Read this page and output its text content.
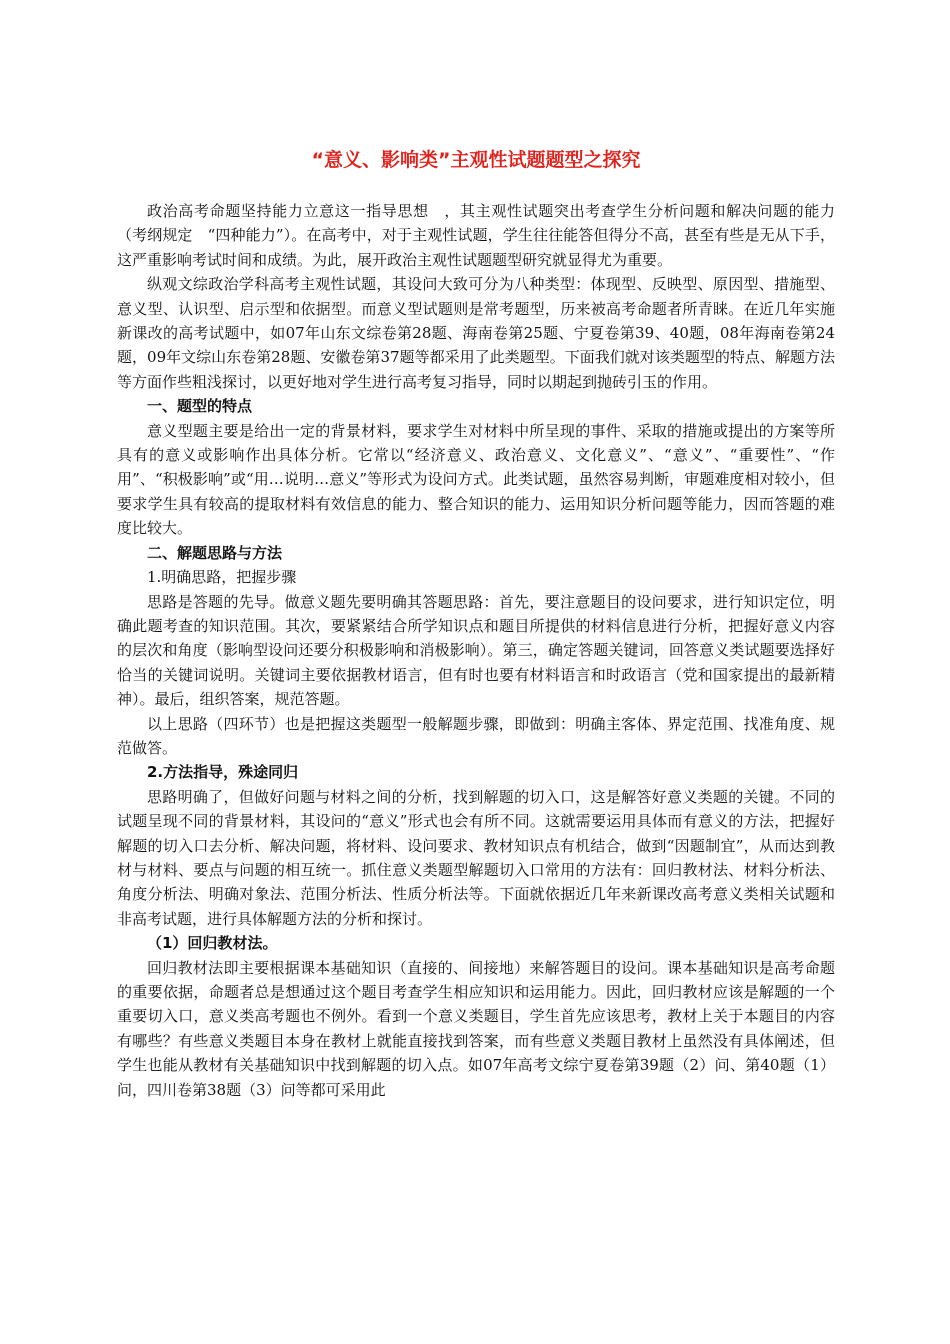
“意义、影响类”主观性试题题型之探究

政治高考命题坚持能力立意这一指导思想　，其主观性试题突出考查学生分析问题和解决问题的能力（考纲规定　“四种能力”）。在高考中，对于主观性试题，学生往往能答但得分不高，甚至有些是无从下手，这严重影响考试时间和成绩。为此，展开政治主观性试题题型研究就显得尤为重要。

纵观文综政治学科高考主观性试题，其设问大致可分为八种类型：体现型、反映型、原因型、措施型、意义型、认识型、启示型和依据型。而意义型试题则是常考题型，历来被高考命题者所青睐。在近几年实施新课改的高考试题中，如07年山东文综卷第28题、海南卷第25题、宁夏卷第39、40题，08年海南卷第24题，09年文综山东卷第28题、安徽卷第37题等都采用了此类题型。下面我们就对该类题型的特点、解题方法等方面作些粗浅探讨，以更好地对学生进行高考复习指导，同时以期起到抛砖引玉的作用。

一、题型的特点

意义型题主要是给出一定的背景材料，要求学生对材料中所呈现的事件、采取的措施或提出的方案等所具有的意义或影响作出具体分析。它常以“经济意义、政治意义、文化意义”、“意义”、“重要性”、“作用”、“积极影响”或“用…说明…意义”等形式为设问方式。此类试题，虽然容易判断，审题难度相对较小，但要求学生具有较高的提取材料有效信息的能力、整合知识的能力、运用知识分析问题等能力，因而答题的难度比较大。

二、解题思路与方法

1.明确思路，把握步骤

思路是答题的先导。做意义题先要明确其答题思路：首先，要注意题目的设问要求，进行知识定位，明确此题考查的知识范围。其次，要紧紧结合所学知识点和题目所提供的材料信息进行分析，把握好意义内容的层次和角度（影响型设问还要分积极影响和消极影响）。第三，确定答题关键词，回答意义类试题要选择好恰当的关键词说明。关键词主要依据教材语言，但有时也要有材料语言和时政语言（党和国家提出的最新精神）。最后，组织答案，规范答题。

以上思路（四环节）也是把握这类题型一般解题步骤，即做到：明确主客体、界定范围、找准角度、规范做答。

2.方法指导，殊途同归

思路明确了，但做好问题与材料之间的分析，找到解题的切入口，这是解答好意义类题的关键。不同的试题呈现不同的背景材料，其设问的“意义”形式也会有所不同。这就需要运用具体而有意义的方法，把握好解题的切入口去分析、解决问题，将材料、设问要求、教材知识点有机结合，做到“因题制宜”，从而达到教材与材料、要点与问题的相互统一。抓住意义类题型解题切入口常用的方法有：回归教材法、材料分析法、角度分析法、明确对象法、范围分析法、性质分析法等。下面就依据近几年来新课改高考意义类相关试题和非高考试题，进行具体解题方法的分析和探讨。

（1）回归教材法。

回归教材法即主要根据课本基础知识（直接的、间接地）来解答题目的设问。课本基础知识是高考命题的重要依据，命题者总是想通过这个题目考查学生相应知识和运用能力。因此，回归教材应该是解题的一个重要切入口，意义类高考题也不例外。看到一个意义类题目，学生首先应该思考，教材上关于本题目的内容有哪些？有些意义类题目本身在教材上就能直接找到答案，而有些意义类题目教材上虽然没有具体阐述，但学生也能从教材有关基础知识中找到解题的切入点。如07年高考文综宁夏卷第39题（2）问、第40题（1）问，四川卷第38题（3）问等都可采用此
